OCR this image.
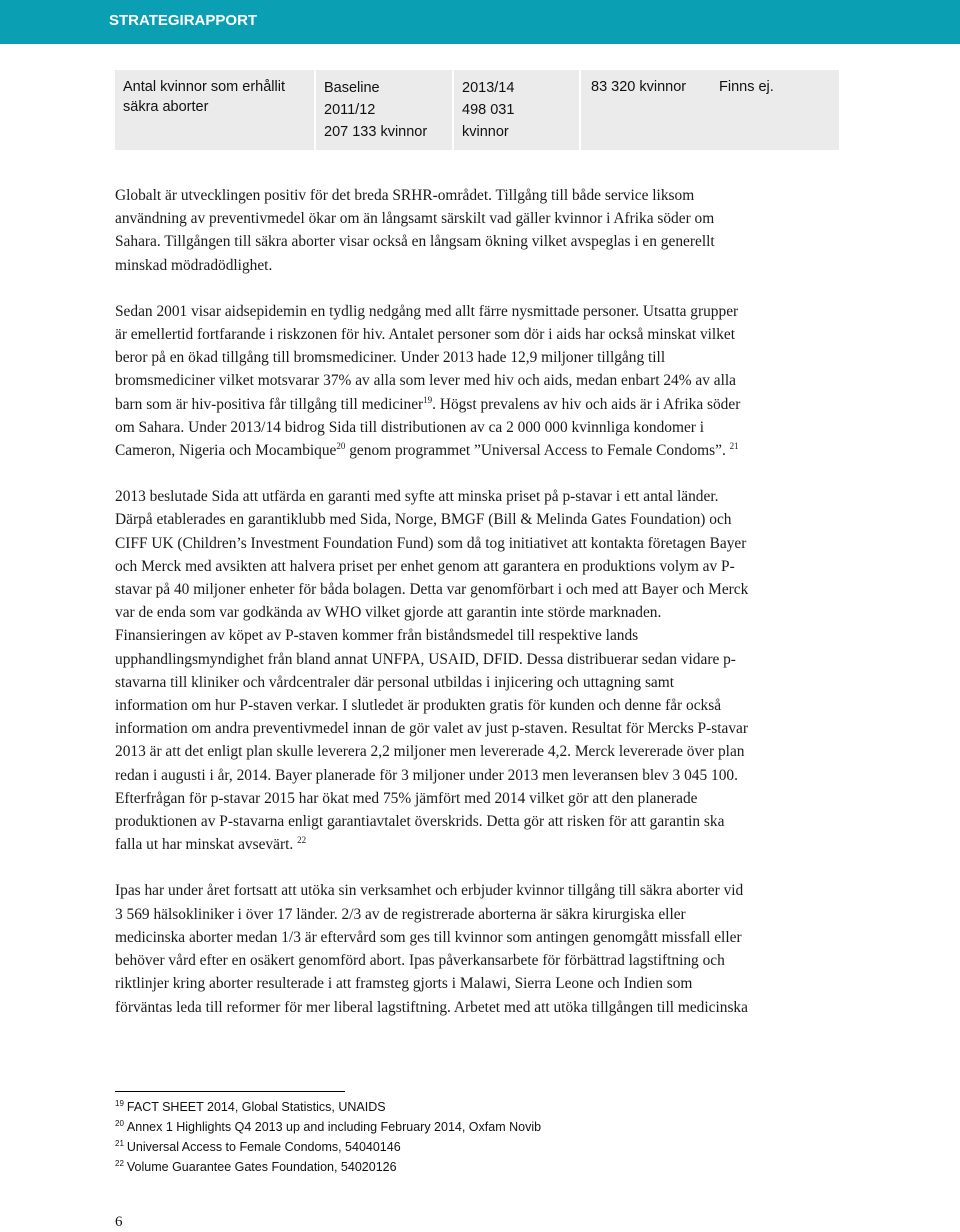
STRATEGIRAPPORT
Antal kvinnor som erhållit
säkra aborter
Baseline
2011/12
207 133 kvinnor
2013/14
498 031
kvinnor
83 320 kvinnor	Finns ej.

Globalt är utvecklingen positiv för det breda SRHR-området. Tillgång till både service liksom
användning av preventivmedel ökar om än långsamt särskilt vad gäller kvinnor i Afrika söder om
Sahara. Tillgången till säkra aborter visar också en långsam ökning vilket avspeglas i en generellt
minskad mödradödlighet.

Sedan 2001 visar aidsepidemin en tydlig nedgång med allt färre nysmittade personer. Utsatta grupper
är emellertid fortfarande i riskzonen för hiv. Antalet personer som dör i aids har också minskat vilket
beror på en ökad tillgång till bromsmediciner. Under 2013 hade 12,9 miljoner tillgång till
bromsmediciner vilket motsvarar 37% av alla som lever med hiv och aids, medan enbart 24% av alla
barn som är hiv-positiva får tillgång till mediciner$^{19}$. Högst prevalens av hiv och aids är i Afrika söder
om Sahara. Under 2013/14 bidrog Sida till distributionen av ca 2 000 000 kvinnliga kondomer i
Cameron, Nigeria och Mocambique$^{20}$ genom programmet ”Universal Access to Female Condoms”. $^{21}$

2013 beslutade Sida att utfärda en garanti med syfte att minska priset på p-stavar i ett antal länder.
Därpå etablerades en garantiklubb med Sida, Norge, BMGF (Bill & Melinda Gates Foundation) och
CIFF UK (Children’s Investment Foundation Fund) som då tog initiativet att kontakta företagen Bayer
och Merck med avsikten att halvera priset per enhet genom att garantera en produktions volym av P-
stavar på 40 miljoner enheter för båda bolagen. Detta var genomförbart i och med att Bayer och Merck
var de enda som var godkända av WHO vilket gjorde att garantin inte störde marknaden.
Finansieringen av köpet av P-staven kommer från biståndsmedel till respektive lands
upphandlingsmyndighet från bland annat UNFPA, USAID, DFID. Dessa distribuerar sedan vidare p-
stavarna till kliniker och vårdcentraler där personal utbildas i injicering och uttagning samt
information om hur P-staven verkar. I slutledet är produkten gratis för kunden och denne får också
information om andra preventivmedel innan de gör valet av just p-staven. Resultat för Mercks P-stavar
2013 är att det enligt plan skulle leverera 2,2 miljoner men levererade 4,2. Merck levererade över plan
redan i augusti i år, 2014. Bayer planerade för 3 miljoner under 2013 men leveransen blev 3 045 100.
Efterfrågan för p-stavar 2015 har ökat med 75% jämfört med 2014 vilket gör att den planerade
produktionen av P-stavarna enligt garantiavtalet överskrids. Detta gör att risken för att garantin ska
falla ut har minskat avsevärt. $^{22}$

Ipas har under året fortsatt att utöka sin verksamhet och erbjuder kvinnor tillgång till säkra aborter vid
3 569 hälsokliniker i över 17 länder. 2/3 av de registrerade aborterna är säkra kirurgiska eller
medicinska aborter medan 1/3 är eftervård som ges till kvinnor som antingen genomgått missfall eller
behöver vård efter en osäkert genomförd abort. Ipas påverkansarbete för förbättrad lagstiftning och
riktlinjer kring aborter resulterade i att framsteg gjorts i Malawi, Sierra Leone och Indien som
förväntas leda till reformer för mer liberal lagstiftning. Arbetet med att utöka tillgången till medicinska

$^{19}$ FACT SHEET 2014, Global Statistics, UNAIDS
$^{20}$ Annex 1 Highlights Q4 2013 up and including February 2014, Oxfam Novib
$^{21}$ Universal Access to Female Condoms, 54040146
$^{22}$ Volume Guarantee Gates Foundation, 54020126
6
